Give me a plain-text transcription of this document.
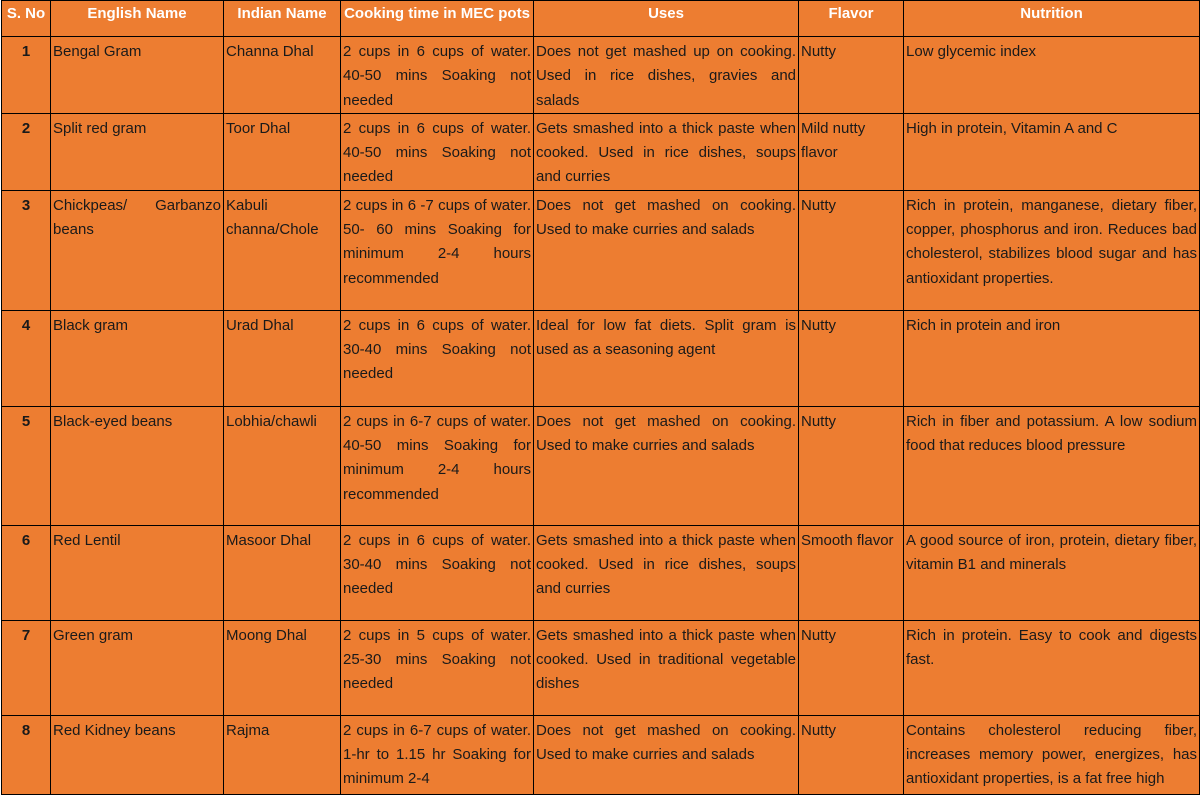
S. No	English Name	Indian Name	Cooking time in MEC pots	Uses	Flavor	Nutrition
1	Bengal Gram	Channa Dhal	2 cups in 6 cups of water. 40-50 mins Soaking not needed	Does not get mashed up on cooking. Used in rice dishes, gravies and salads	Nutty	Low glycemic index
2	Split red gram	Toor Dhal	2 cups in 6 cups of water. 40-50 mins Soaking not needed	Gets smashed into a thick paste when cooked. Used in rice dishes, soups and curries	Mild nutty flavor	High in protein, Vitamin A and C
3	Chickpeas/ Garbanzo beans	Kabuli channa/Chole	2 cups in 6 -7 cups of water. 50- 60 mins Soaking for minimum 2-4 hours recommended	Does not get mashed on cooking. Used to make curries and salads	Nutty	Rich in protein, manganese, dietary fiber, copper, phosphorus and iron. Reduces bad cholesterol, stabilizes blood sugar and has antioxidant properties.
4	Black gram	Urad Dhal	2 cups in 6 cups of water. 30-40 mins Soaking not needed	Ideal for low fat diets. Split gram is used as a seasoning agent	Nutty	Rich in protein and iron
5	Black-eyed beans	Lobhia/chawli	2 cups in 6-7 cups of water. 40-50 mins Soaking for minimum 2-4 hours recommended	Does not get mashed on cooking. Used to make curries and salads	Nutty	Rich in fiber and potassium. A low sodium food that reduces blood pressure
6	Red Lentil	Masoor Dhal	2 cups in 6 cups of water. 30-40 mins Soaking not needed	Gets smashed into a thick paste when cooked. Used in rice dishes, soups and curries	Smooth flavor	A good source of iron, protein, dietary fiber, vitamin B1 and minerals
7	Green gram	Moong Dhal	2 cups in 5 cups of water. 25-30 mins Soaking not needed	Gets smashed into a thick paste when cooked. Used in traditional vegetable dishes	Nutty	Rich in protein. Easy to cook and digests fast.
8	Red Kidney beans	Rajma	2 cups in 6-7 cups of water. 1-hr to 1.15 hr Soaking for minimum 2-4	Does not get mashed on cooking. Used to make curries and salads	Nutty	Contains cholesterol reducing fiber, increases memory power, energizes, has antioxidant properties, is a fat free high
